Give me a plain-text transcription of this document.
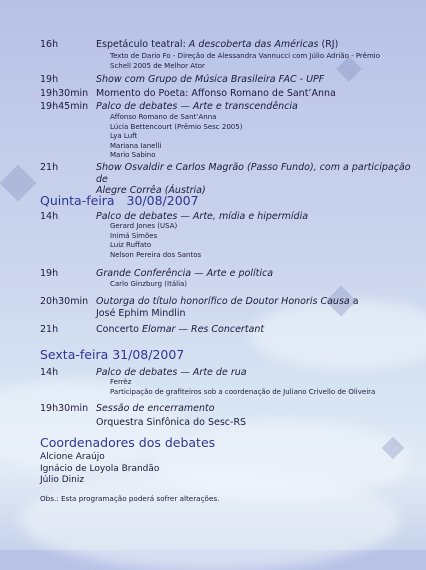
16h	Espetáculo teatral: A descoberta das Américas (RJ)
Texto de Dario Fo - Direção de Alessandra Vannucci com Júlio Adrião - Prêmio
Schell 2005 de Melhor Ator
19h	Show com Grupo de Música Brasileira FAC - UPF
19h30min Momento do Poeta: Affonso Romano de Sant’Anna
19h45min Palco de debates — Arte e transcendência
Affonso Romano de Sant’Anna
Lúcia Bettencourt (Prêmio Sesc 2005)
Lya Luft
Mariana Ianelli
Mario Sabino
21h	Show Osvaldir e Carlos Magrão (Passo Fundo), com a participação de
Alegre Corrêa (Áustria)
Quinta-feira   30/08/2007
14h	Palco de debates — Arte, mídia e hipermídia
Gerard Jones (USA)
Inimá Simões
Luiz Ruffato
Nelson Pereira dos Santos
19h	Grande Conferência — Arte e política
Carlo Ginzburg (Itália)
20h30min Outorga do título honorífico de Doutor Honoris Causa a
José Ephim Mindlin
21h	Concerto Elomar — Res Concertant
Sexta-feira 31/08/2007
14h	Palco de debates — Arte de rua
Ferrèz
Participação de grafiteiros sob a coordenação de Juliano Crivello de Oliveira
19h30min Sessão de encerramento
Orquestra Sinfônica do Sesc-RS
Coordenadores dos debates
Alcione Araújo
Ignácio de Loyola Brandão
Júlio Diniz
Obs.: Esta programação poderá sofrer alterações.
